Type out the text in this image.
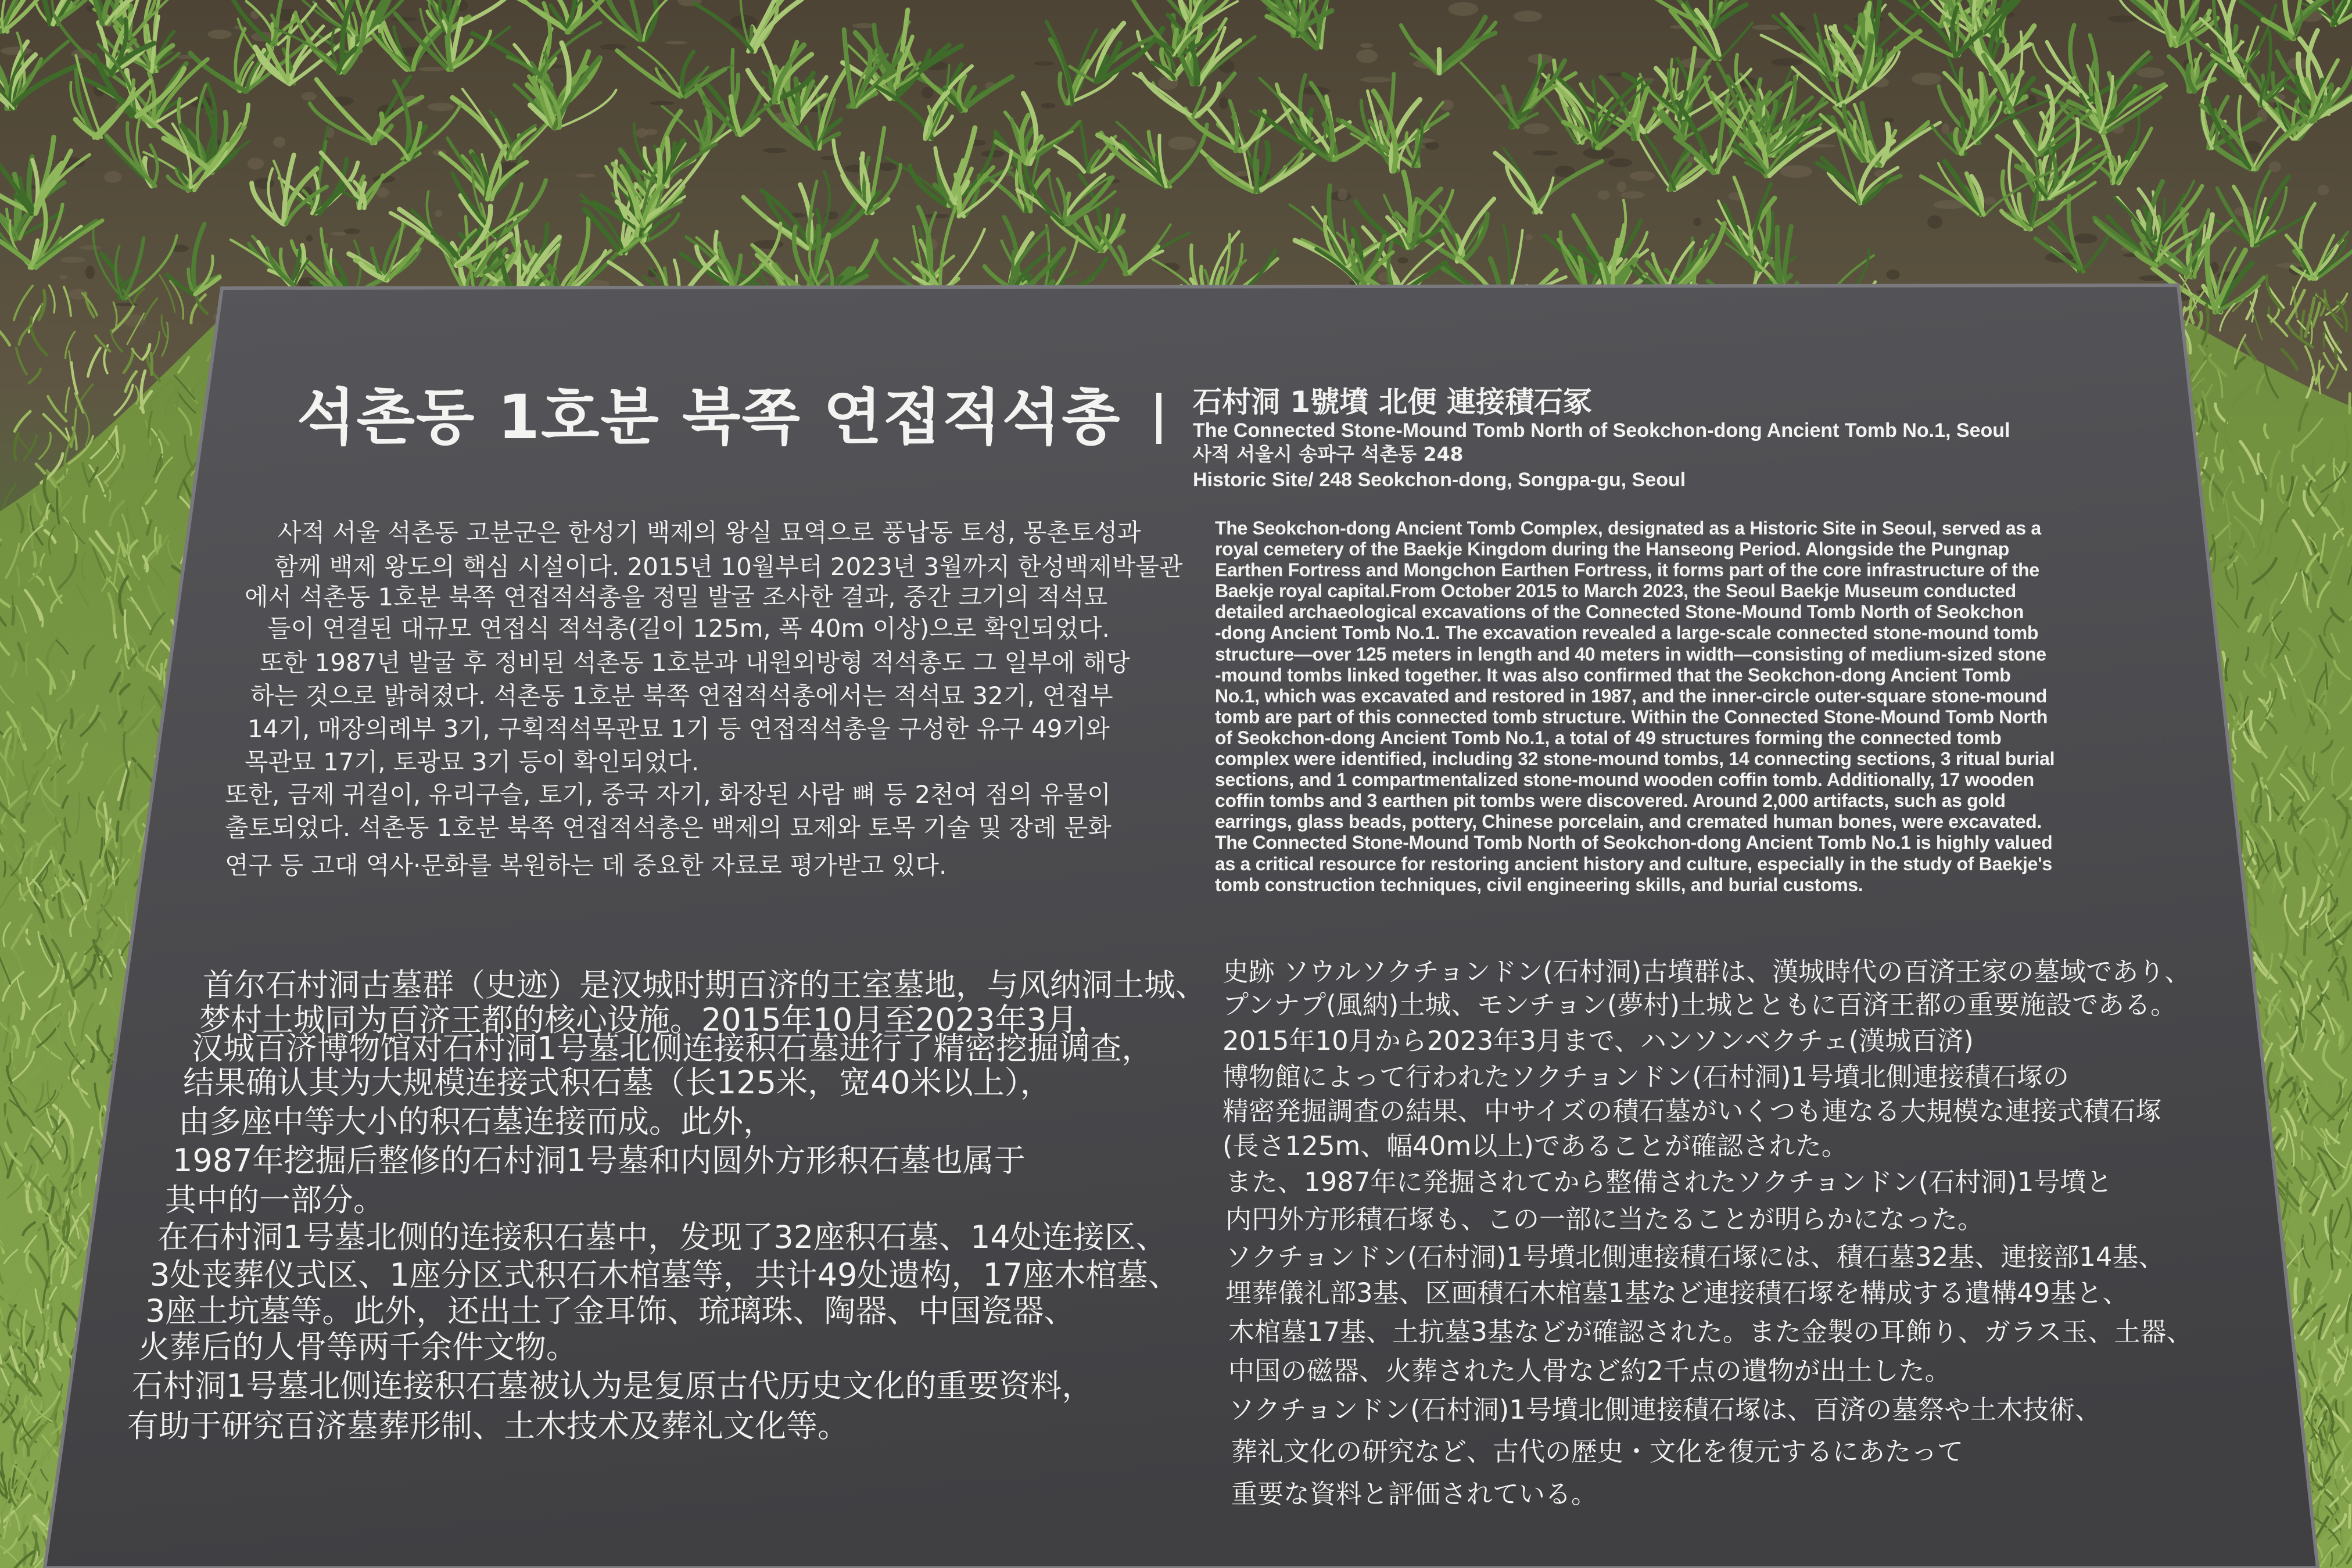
석촌동 1호분 북쪽 연접적석총 石村洞 1號墳 北便 連接積石冢
The Connected Stone-Mound Tomb North of Seokchon-dong Ancient Tomb No.1, Seoul
사적 서울시 송파구 석촌동 248
Historic Site/ 248 Seokchon-dong, Songpa-gu, Seoul
사적 서울 석촌동 고분군은 한성기 백제의 왕실 묘역으로 풍납동 토성, 몽촌토성과
함께 백제 왕도의 핵심 시설이다. 2015년 10월부터 2023년 3월까지 한성백제박물관
에서 석촌동 1호분 북쪽 연접적석총을 정밀 발굴 조사한 결과, 중간 크기의 적석묘
들이 연결된 대규모 연접식 적석총(길이 125m, 폭 40m 이상)으로 확인되었다.
또한 1987년 발굴 후 정비된 석촌동 1호분과 내원외방형 적석총도 그 일부에 해당
하는 것으로 밝혀졌다. 석촌동 1호분 북쪽 연접적석총에서는 적석묘 32기, 연접부
14기, 매장의례부 3기, 구획적석목관묘 1기 등 연접적석총을 구성한 유구 49기와
목관묘 17기, 토광묘 3기 등이 확인되었다.
또한, 금제 귀걸이, 유리구슬, 토기, 중국 자기, 화장된 사람 뼈 등 2천여 점의 유물이
출토되었다. 석촌동 1호분 북쪽 연접적석총은 백제의 묘제와 토목 기술 및 장례 문화
연구 등 고대 역사·문화를 복원하는 데 중요한 자료로 평가받고 있다.
The Seokchon-dong Ancient Tomb Complex, designated as a Historic Site in Seoul, served as a
royal cemetery of the Baekje Kingdom during the Hanseong Period. Alongside the Pungnap
Earthen Fortress and Mongchon Earthen Fortress, it forms part of the core infrastructure of the
Baekje royal capital.From October 2015 to March 2023, the Seoul Baekje Museum conducted
detailed archaeological excavations of the Connected Stone-Mound Tomb North of Seokchon
-dong Ancient Tomb No.1. The excavation revealed a large-scale connected stone-mound tomb
structure—over 125 meters in length and 40 meters in width—consisting of medium-sized stone
-mound tombs linked together. It was also confirmed that the Seokchon-dong Ancient Tomb
No.1, which was excavated and restored in 1987, and the inner-circle outer-square stone-mound
tomb are part of this connected tomb structure. Within the Connected Stone-Mound Tomb North
of Seokchon-dong Ancient Tomb No.1, a total of 49 structures forming the connected tomb
complex were identified, including 32 stone-mound tombs, 14 connecting sections, 3 ritual burial
sections, and 1 compartmentalized stone-mound wooden coffin tomb. Additionally, 17 wooden
coffin tombs and 3 earthen pit tombs were discovered. Around 2,000 artifacts, such as gold
earrings, glass beads, pottery, Chinese porcelain, and cremated human bones, were excavated.
The Connected Stone-Mound Tomb North of Seokchon-dong Ancient Tomb No.1 is highly valued
as a critical resource for restoring ancient history and culture, especially in the study of Baekje's
tomb construction techniques, civil engineering skills, and burial customs.
首尔石村洞古墓群（史迹）是汉城时期百济的王室墓地，与风纳洞土城、
梦村土城同为百济王都的核心设施。2015年10月至2023年3月，
汉城百济博物馆对石村洞1号墓北侧连接积石墓进行了精密挖掘调查，
结果确认其为大规模连接式积石墓（长125米，宽40米以上），
由多座中等大小的积石墓连接而成。此外，
1987年挖掘后整修的石村洞1号墓和内圆外方形积石墓也属于
其中的一部分。
在石村洞1号墓北侧的连接积石墓中，发现了32座积石墓、14处连接区、
3处丧葬仪式区、1座分区式积石木棺墓等，共计49处遗构，17座木棺墓、
3座土坑墓等。此外，还出土了金耳饰、琉璃珠、陶器、中国瓷器、
火葬后的人骨等两千余件文物。
石村洞1号墓北侧连接积石墓被认为是复原古代历史文化的重要资料，
有助于研究百济墓葬形制、土木技术及葬礼文化等。
史跡 ソウルソクチョンドン(石村洞)古墳群は、漢城時代の百済王家の墓域であり、
プンナプ(風納)土城、モンチョン(夢村)土城とともに百済王都の重要施設である。
2015年10月から2023年3月まで、ハンソンベクチェ(漢城百済)
博物館によって行われたソクチョンドン(石村洞)1号墳北側連接積石塚の
精密発掘調査の結果、中サイズの積石墓がいくつも連なる大規模な連接式積石塚
(長さ125m、幅40m以上)であることが確認された。
また、1987年に発掘されてから整備されたソクチョンドン(石村洞)1号墳と
内円外方形積石塚も、この一部に当たることが明らかになった。
ソクチョンドン(石村洞)1号墳北側連接積石塚には、積石墓32基、連接部14基、
埋葬儀礼部3基、区画積石木棺墓1基など連接積石塚を構成する遺構49基と、
木棺墓17基、土抗墓3基などが確認された。また金製の耳飾り、ガラス玉、土器、
中国の磁器、火葬された人骨など約2千点の遺物が出土した。
ソクチョンドン(石村洞)1号墳北側連接積石塚は、百済の墓祭や土木技術、
葬礼文化の研究など、古代の歴史・文化を復元するにあたって
重要な資料と評価されている。
